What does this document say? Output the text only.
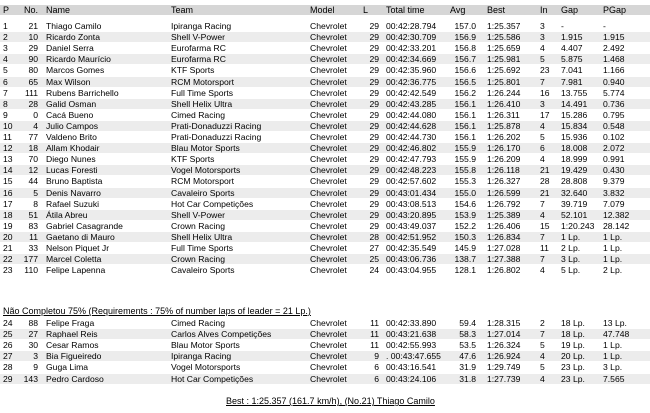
P	No. Name	Team	Model	L	Total time	Avg	Best	In	Gap	PGap
1	21 Thiago Camilo	Ipiranga Racing	Chevrolet	29 00:42:28.794	157.0 1:25.357	3	-	-
2	10 Ricardo Zonta	Shell V-Power	Chevrolet	29 00:42:30.709	156.9 1:25.586	3	1.915	1.915
3	29 Daniel Serra	Eurofarma RC	Chevrolet	29 00:42:33.201	156.8 1:25.659	4	4.407	2.492
4	90 Ricardo Maurício	Eurofarma RC	Chevrolet	29 00:42:34.669	156.7 1:25.981	5	5.875	1.468
5	80 Marcos Gomes	KTF Sports	Chevrolet	29 00:42:35.960	156.6 1:25.692	23	7.041	1.166
6	65 Max Wilson	RCM Motorsport	Chevrolet	29 00:42:36.775	156.5 1:25.801	7	7.981	0.940
7	111 Rubens Barrichello	Full Time Sports	Chevrolet	29 00:42:42.549	156.2 1:26.244	16	13.755	5.774
8	28 Galid Osman	Shell Helix Ultra	Chevrolet	29 00:42:43.285	156.1 1:26.410	3	14.491	0.736
9	0 Cacá Bueno	Cimed Racing	Chevrolet	29 00:42:44.080	156.1 1:26.311	17	15.286	0.795
10	4 Julio Campos	Prati-Donaduzzi Racing	Chevrolet	29 00:42:44.628	156.1 1:25.878	4	15.834	0.548
11	77 Valdeno Brito	Prati-Donaduzzi Racing	Chevrolet	29 00:42:44.730	156.1 1:26.202	5	15.936	0.102
12	18 Allam Khodair	Blau Motor Sports	Chevrolet	29 00:42:46.802	155.9 1:26.170	6	18.008	2.072
13	70 Diego Nunes	KTF Sports	Chevrolet	29 00:42:47.793	155.9 1:26.209	4	18.999	0.991
14	12 Lucas Foresti	Vogel Motorsports	Chevrolet	29 00:42:48.223	155.8 1:26.118	21	19.429	0.430
15	44 Bruno Baptista	RCM Motorsport	Chevrolet	29 00:42:57.602	155.3 1:26.327	28	28.808	9.379
16	5 Denis Navarro	Cavaleiro Sports	Chevrolet	29 00:43:01.434	155.0 1:26.599	21	32.640	3.832
17	8 Rafael Suzuki	Hot Car Competições	Chevrolet	29 00:43:08.513	154.6 1:26.792	7	39.719	7.079
18	51 Átila Abreu	Shell V-Power	Chevrolet	29 00:43:20.895	153.9 1:25.389	4	52.101	12.382
19	83 Gabriel Casagrande	Crown Racing	Chevrolet	29 00:43:49.037	152.2 1:26.406	15	1:20.243 28.142
20	11 Gaetano di Mauro	Shell Helix Ultra	Chevrolet	28 00:42:51.952	150.3 1:26.834	7	1 Lp.	1 Lp.
21	33 Nelson Piquet Jr	Full Time Sports	Chevrolet	27 00:42:35.549	145.9 1:27.028	11	2 Lp.	1 Lp.
22	177 Marcel Coletta	Crown Racing	Chevrolet	25 00:43:06.736	138.7 1:27.388	7	3 Lp.	1 Lp.
23	110 Felipe Lapenna	Cavaleiro Sports	Chevrolet	24 00:43:04.955	128.1 1:26.802	4	5 Lp.	2 Lp.
Não Completou 75% (Requirements : 75% of number laps of leader = 21 Lp.)
24	88 Felipe Fraga	Cimed Racing	Chevrolet	11 00:42:33.890	59.4 1:28.315	2	18 Lp.	13 Lp.
25	27 Raphael Reis	Carlos Alves Competições	Chevrolet	11 00:43:21.638	58.3 1:27.014	7	18 Lp.	47.748
26	30 Cesar Ramos	Blau Motor Sports	Chevrolet	11 00:42:55.993	53.5 1:26.324	5	19 Lp.	1 Lp.
27	3 Bia Figueiredo	Ipiranga Racing	Chevrolet	9 . 00:43:47.655	47.6 1:26.924	4	20 Lp.	1 Lp.
28	9 Guga Lima	Vogel Motorsports	Chevrolet	6 00:43:16.541	31.9 1:29.749	5	23 Lp.	3 Lp.
29	143 Pedro Cardoso	Hot Car Competições	Chevrolet	6 00:43:24.106	31.8 1:27.739	4	23 Lp.	7.565
Best : 1:25.357 (161.7 km/h), (No.21) Thiago Camilo
